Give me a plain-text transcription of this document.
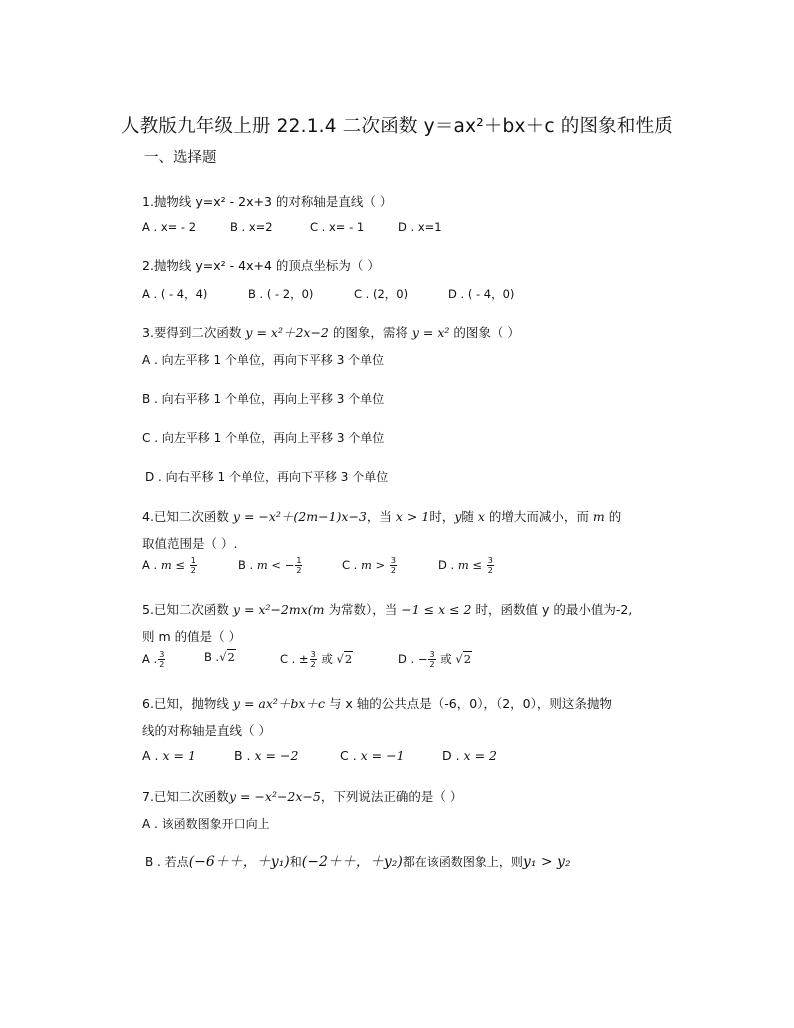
人教版九年级上册 22.1.4 二次函数 y＝ax²＋bx＋c 的图象和性质
一、选择题
1.抛物线 y=x² - 2x+3 的对称轴是直线（ ）
A . x= - 2	B . x=2	C . x= - 1	D . x=1
2.抛物线 y=x² - 4x+4 的顶点坐标为（ ）
A . ( - 4，4)	B . ( - 2，0)	C . (2，0)	D . ( - 4，0)
3.要得到二次函数 y = x²＋2x−2 的图象，需将 y = x² 的图象（ ）
A . 向左平移 1 个单位，再向下平移 3 个单位
B . 向右平移 1 个单位，再向上平移 3 个单位
C . 向左平移 1 个单位，再向上平移 3 个单位
D . 向右平移 1 个单位，再向下平移 3 个单位
4.已知二次函数 y = −x²＋(2m−1)x−3，当 x > 1时，y随 x 的增大而减小，而 m 的
取值范围是（ ）.
A . $m \le \frac{1}{2}$	B . m < − $\frac{1}{2}$	C . $m > \frac{3}{2}$	D . $m \le \frac{3}{2}$
5.已知二次函数 y = x²−2mx(m 为常数），当 −1 ≤ x ≤ 2 时，函数值 y 的最小值为-2,
则 m 的值是（ ）
A . $\frac{3}{2}$	B .√2	C . ± $\frac{3}{2}$ 或 √2	D . − $\frac{3}{2}$ 或 √2
6.已知，抛物线 y = ax²＋bx＋c 与 x 轴的公共点是（-6，0），（2，0），则这条抛物
线的对称轴是直线（ ）
A . x = 1	B . x = −2	C . x = −1	D . x = 2
7.已知二次函数y = −x²−2x−5，下列说法正确的是（ ）
A . 该函数图象开口向上
B . 若点(−6＋＋，＋y₁)和(−2＋＋，＋y₂)都在该函数图象上，则y₁ > y₂
